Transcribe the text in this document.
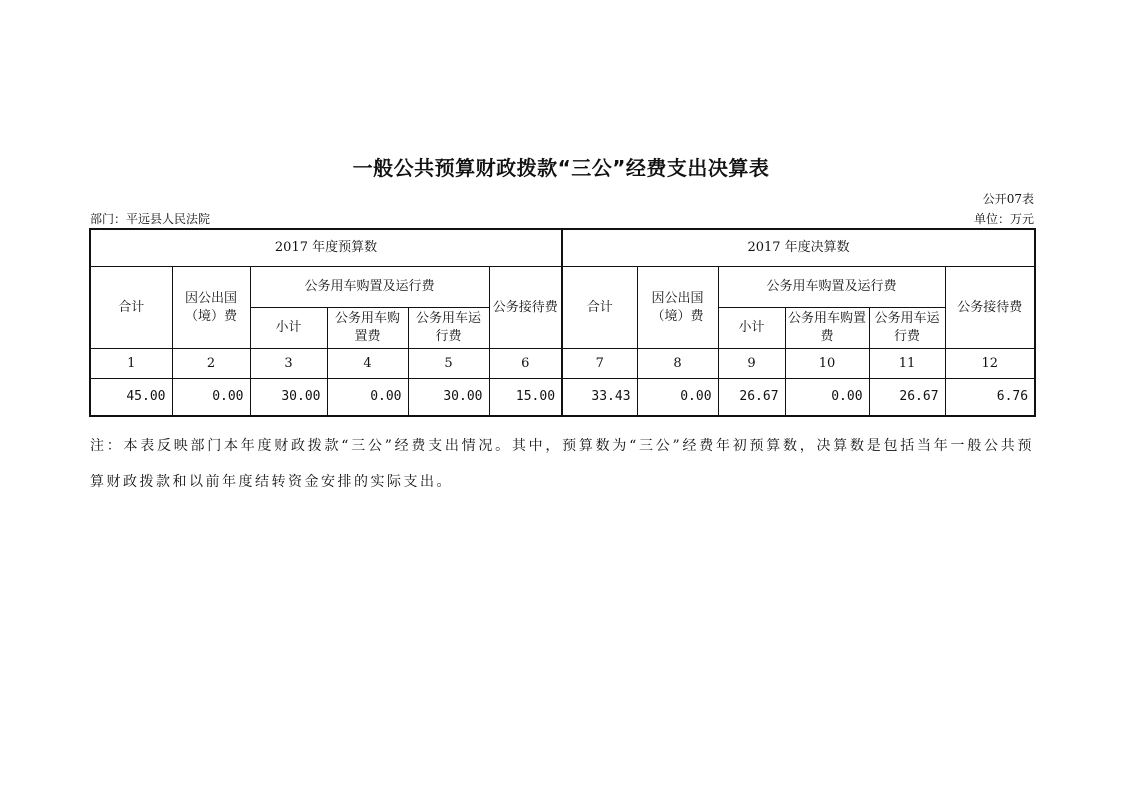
一般公共预算财政拨款“三公”经费支出决算表
公开07表
部门：平远县人民法院	单位：万元
2017 年度预算数						2017 年度决算数					
合计	因公出国（境）费	公务用车购置及运行费			公务接待费	合计	因公出国（境）费	公务用车购置及运行费			公务接待费
		小计	公务用车购置费	公务用车运行费				小计	公务用车购置费	公务用车运行费	
1	2	3	4	5	6	7	8	9	10	11	12
45.00	0.00	30.00	0.00	30.00	15.00	33.43	0.00	26.67	0.00	26.67	6.76
注：本表反映部门本年度财政拨款“三公”经费支出情况。其中，预算数为“三公”经费年初预算数，决算数是包括当年一般公共预算财政拨款和以前年度结转资金安排的实际支出。
